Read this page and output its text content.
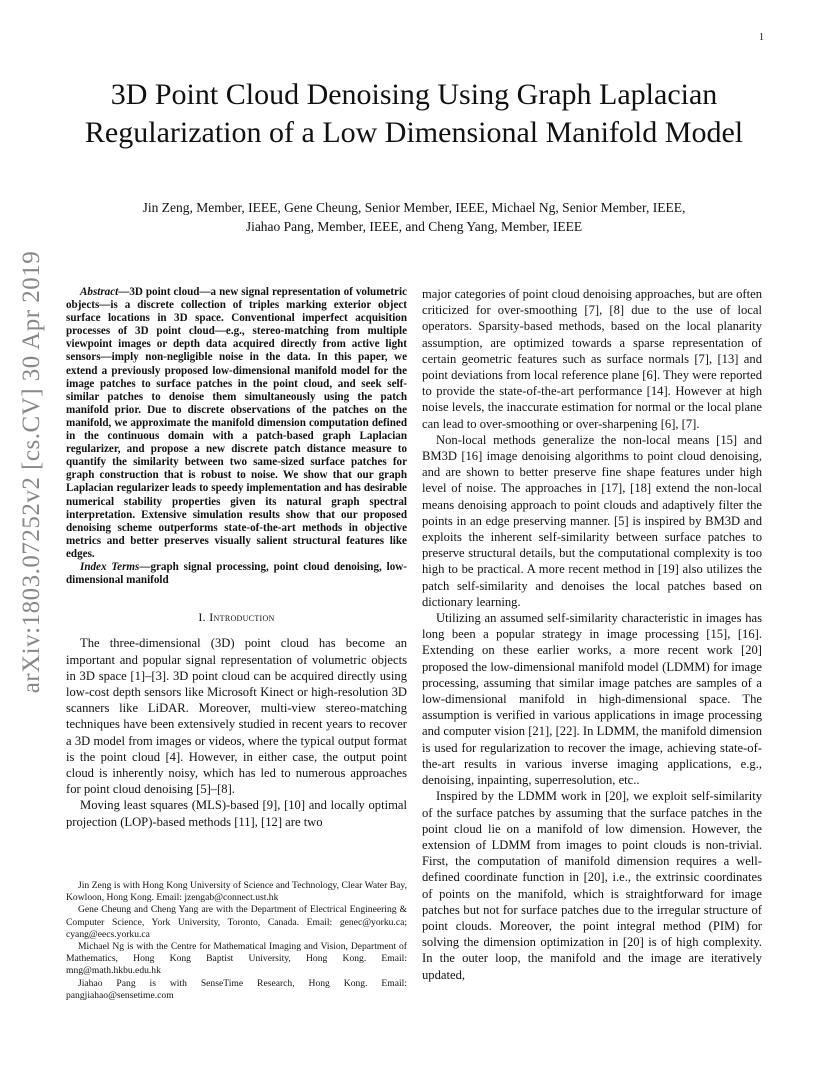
1
3D Point Cloud Denoising Using Graph Laplacian Regularization of a Low Dimensional Manifold Model
Jin Zeng, Member, IEEE, Gene Cheung, Senior Member, IEEE, Michael Ng, Senior Member, IEEE,
Jiahao Pang, Member, IEEE, and Cheng Yang, Member, IEEE
arXiv:1803.07252v2 [cs.CV] 30 Apr 2019	Abstract—3D point cloud—a new signal representation of volumetric objects—is a discrete collection of triples marking exterior object surface locations in 3D space. Conventional imperfect acquisition processes of 3D point cloud—e.g., stereo-matching from multiple viewpoint images or depth data acquired directly from active light sensors—imply non-negligible noise in the data. In this paper, we extend a previously proposed low-dimensional manifold model for the image patches to surface patches in the point cloud, and seek self-similar patches to denoise them simultaneously using the patch manifold prior. Due to discrete observations of the patches on the manifold, we approximate the manifold dimension computation defined in the continuous domain with a patch-based graph Laplacian regularizer, and propose a new discrete patch distance measure to quantify the similarity between two same-sized surface patches for graph construction that is robust to noise. We show that our graph Laplacian regularizer leads to speedy implementation and has desirable numerical stability properties given its natural graph spectral interpretation. Extensive simulation results show that our proposed denoising scheme outperforms state-of-the-art methods in objective metrics and better preserves visually salient structural features like edges.

Index Terms—graph signal processing, point cloud denoising, low-dimensional manifold

I. Introduction

The three-dimensional (3D) point cloud has become an important and popular signal representation of volumetric objects in 3D space [1]–[3]. 3D point cloud can be acquired directly using low-cost depth sensors like Microsoft Kinect or high-resolution 3D scanners like LiDAR. Moreover, multi-view stereo-matching techniques have been extensively studied in recent years to recover a 3D model from images or videos, where the typical output format is the point cloud [4]. However, in either case, the output point cloud is inherently noisy, which has led to numerous approaches for point cloud denoising [5]–[8].

Moving least squares (MLS)-based [9], [10] and locally optimal projection (LOP)-based methods [11], [12] are two

Jin Zeng is with Hong Kong University of Science and Technology, Clear Water Bay, Kowloon, Hong Kong. Email: jzengab@connect.ust.hk

Gene Cheung and Cheng Yang are with the Department of Electrical Engineering & Computer Science, York University, Toronto, Canada. Email: genec@yorku.ca; cyang@eecs.yorku.ca

Michael Ng is with the Centre for Mathematical Imaging and Vision, Department of Mathematics, Hong Kong Baptist University, Hong Kong. Email: mng@math.hkbu.edu.hk

Jiahao Pang is with SenseTime Research, Hong Kong. Email: pangjiahao@sensetime.com

major categories of point cloud denoising approaches, but are often criticized for over-smoothing [7], [8] due to the use of local operators. Sparsity-based methods, based on the local planarity assumption, are optimized towards a sparse representation of certain geometric features such as surface normals [7], [13] and point deviations from local reference plane [6]. They were reported to provide the state-of-the-art performance [14]. However at high noise levels, the inaccurate estimation for normal or the local plane can lead to over-smoothing or over-sharpening [6], [7].

Non-local methods generalize the non-local means [15] and BM3D [16] image denoising algorithms to point cloud denoising, and are shown to better preserve fine shape features under high level of noise. The approaches in [17], [18] extend the non-local means denoising approach to point clouds and adaptively filter the points in an edge preserving manner. [5] is inspired by BM3D and exploits the inherent self-similarity between surface patches to preserve structural details, but the computational complexity is too high to be practical. A more recent method in [19] also utilizes the patch self-similarity and denoises the local patches based on dictionary learning.

Utilizing an assumed self-similarity characteristic in images has long been a popular strategy in image processing [15], [16]. Extending on these earlier works, a more recent work [20] proposed the low-dimensional manifold model (LDMM) for image processing, assuming that similar image patches are samples of a low-dimensional manifold in high-dimensional space. The assumption is verified in various applications in image processing and computer vision [21], [22]. In LDMM, the manifold dimension is used for regularization to recover the image, achieving state-of-the-art results in various inverse imaging applications, e.g., denoising, inpainting, superresolution, etc..

Inspired by the LDMM work in [20], we exploit self-similarity of the surface patches by assuming that the surface patches in the point cloud lie on a manifold of low dimension. However, the extension of LDMM from images to point clouds is non-trivial. First, the computation of manifold dimension requires a well-defined coordinate function in [20], i.e., the extrinsic coordinates of points on the manifold, which is straightforward for image patches but not for surface patches due to the irregular structure of point clouds. Moreover, the point integral method (PIM) for solving the dimension optimization in [20] is of high complexity. In the outer loop, the manifold and the image are iteratively updated,
